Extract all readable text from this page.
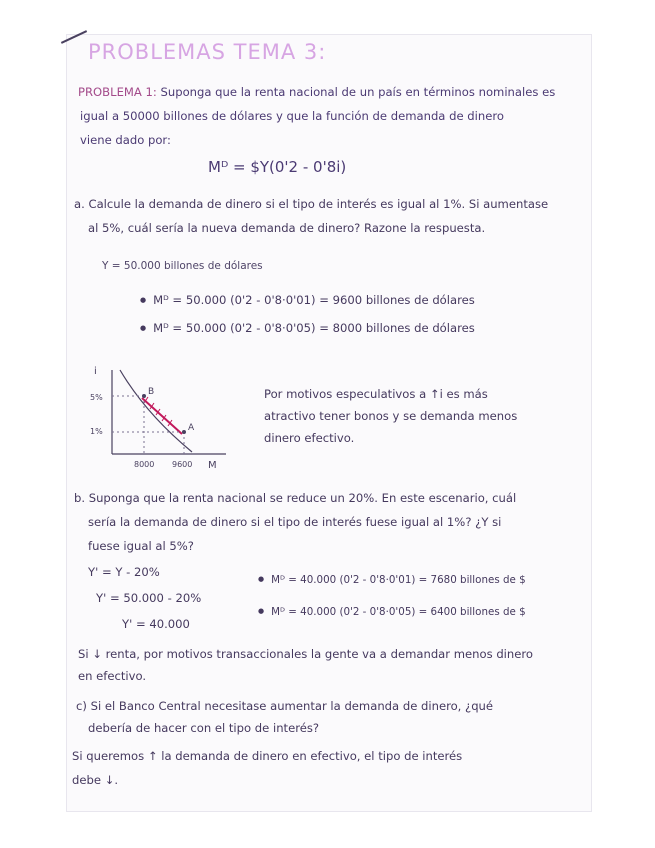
PROBLEMAS TEMA 3:
PROBLEMA 1: Suponga que la renta nacional de un país en términos nominales es
igual a 50000 billones de dólares y que la función de demanda de dinero
viene dado por:
Mᴰ = $Y(0'2 - 0'8i)
a. Calcule la demanda de dinero si el tipo de interés es igual al 1%. Si aumentase
al 5%, cuál sería la nueva demanda de dinero? Razone la respuesta.
Y = 50.000 billones de dólares
● Mᴰ = 50.000 (0'2 - 0'8·0'01) = 9600 billones de dólares
● Mᴰ = 50.000 (0'2 - 0'8·0'05) = 8000 billones de dólares
i
M
5%
1%
8000 9600
B
A
Por motivos especulativos a ↑i es más
atractivo tener bonos y se demanda menos
dinero efectivo.
b. Suponga que la renta nacional se reduce un 20%. En este escenario, cuál
sería la demanda de dinero si el tipo de interés fuese igual al 1%? ¿Y si
fuese igual al 5%?
Y' = Y - 20%
Y' = 50.000 - 20%
Y' = 40.000
● Mᴰ = 40.000 (0'2 - 0'8·0'01) = 7680 billones de $
● Mᴰ = 40.000 (0'2 - 0'8·0'05) = 6400 billones de $
Si ↓ renta, por motivos transaccionales la gente va a demandar menos dinero
en efectivo.
c) Si el Banco Central necesitase aumentar la demanda de dinero, ¿qué
debería de hacer con el tipo de interés?
Si queremos ↑ la demanda de dinero en efectivo, el tipo de interés
debe ↓.
